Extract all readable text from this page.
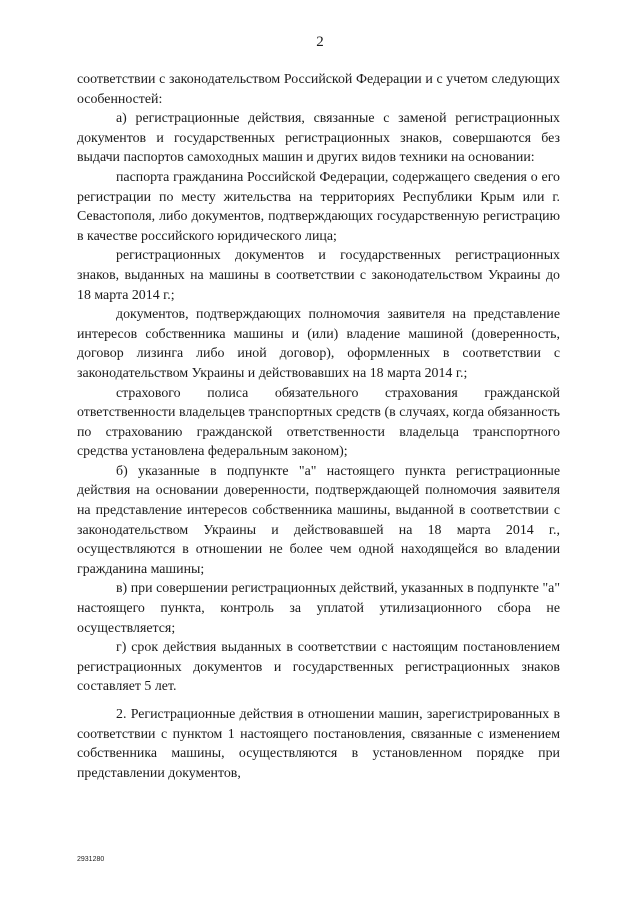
2

соответствии с законодательством Российской Федерации и с учетом следующих особенностей:

а) регистрационные действия, связанные с заменой регистрационных документов и государственных регистрационных знаков, совершаются без выдачи паспортов самоходных машин и других видов техники на основании:

паспорта гражданина Российской Федерации, содержащего сведения о его регистрации по месту жительства на территориях Республики Крым или г. Севастополя, либо документов, подтверждающих государственную регистрацию в качестве российского юридического лица;

регистрационных документов и государственных регистрационных знаков, выданных на машины в соответствии с законодательством Украины до 18 марта 2014 г.;

документов, подтверждающих полномочия заявителя на представление интересов собственника машины и (или) владение машиной (доверенность, договор лизинга либо иной договор), оформленных в соответствии с законодательством Украины и действовавших на 18 марта 2014 г.;

страхового полиса обязательного страхования гражданской ответственности владельцев транспортных средств (в случаях, когда обязанность по страхованию гражданской ответственности владельца транспортного средства установлена федеральным законом);

б) указанные в подпункте "а" настоящего пункта регистрационные действия на основании доверенности, подтверждающей полномочия заявителя на представление интересов собственника машины, выданной в соответствии с законодательством Украины и действовавшей на 18 марта 2014 г., осуществляются в отношении не более чем одной находящейся во владении гражданина машины;

в) при совершении регистрационных действий, указанных в подпункте "а" настоящего пункта, контроль за уплатой утилизационного сбора не осуществляется;

г) срок действия выданных в соответствии с настоящим постановлением регистрационных документов и государственных регистрационных знаков составляет 5 лет.

2. Регистрационные действия в отношении машин, зарегистрированных в соответствии с пунктом 1 настоящего постановления, связанные с изменением собственника машины, осуществляются в установленном порядке при представлении документов,

2931280
